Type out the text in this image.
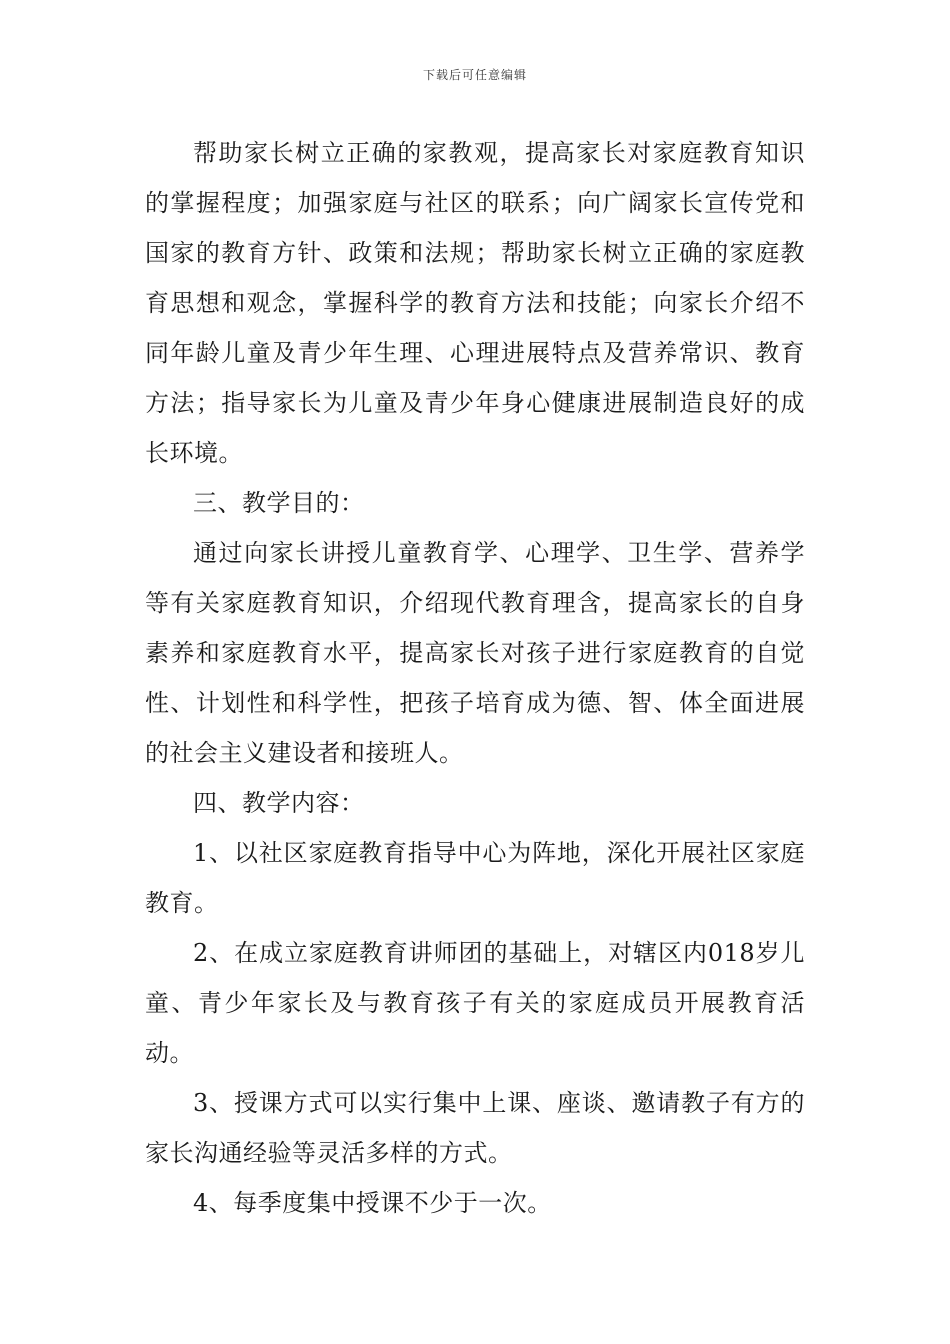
下载后可任意编辑

帮助家长树立正确的家教观，提高家长对家庭教育知识的掌握程度；加强家庭与社区的联系；向广阔家长宣传党和国家的教育方针、政策和法规；帮助家长树立正确的家庭教育思想和观念，掌握科学的教育方法和技能；向家长介绍不同年龄儿童及青少年生理、心理进展特点及营养常识、教育方法；指导家长为儿童及青少年身心健康进展制造良好的成长环境。

三、教学目的：

通过向家长讲授儿童教育学、心理学、卫生学、营养学等有关家庭教育知识，介绍现代教育理含，提高家长的自身素养和家庭教育水平，提高家长对孩子进行家庭教育的自觉性、计划性和科学性，把孩子培育成为德、智、体全面进展的社会主义建设者和接班人。

四、教学内容：

1、以社区家庭教育指导中心为阵地，深化开展社区家庭教育。

2、在成立家庭教育讲师团的基础上，对辖区内018岁儿童、青少年家长及与教育孩子有关的家庭成员开展教育活动。

3、授课方式可以实行集中上课、座谈、邀请教子有方的家长沟通经验等灵活多样的方式。

4、每季度集中授课不少于一次。
